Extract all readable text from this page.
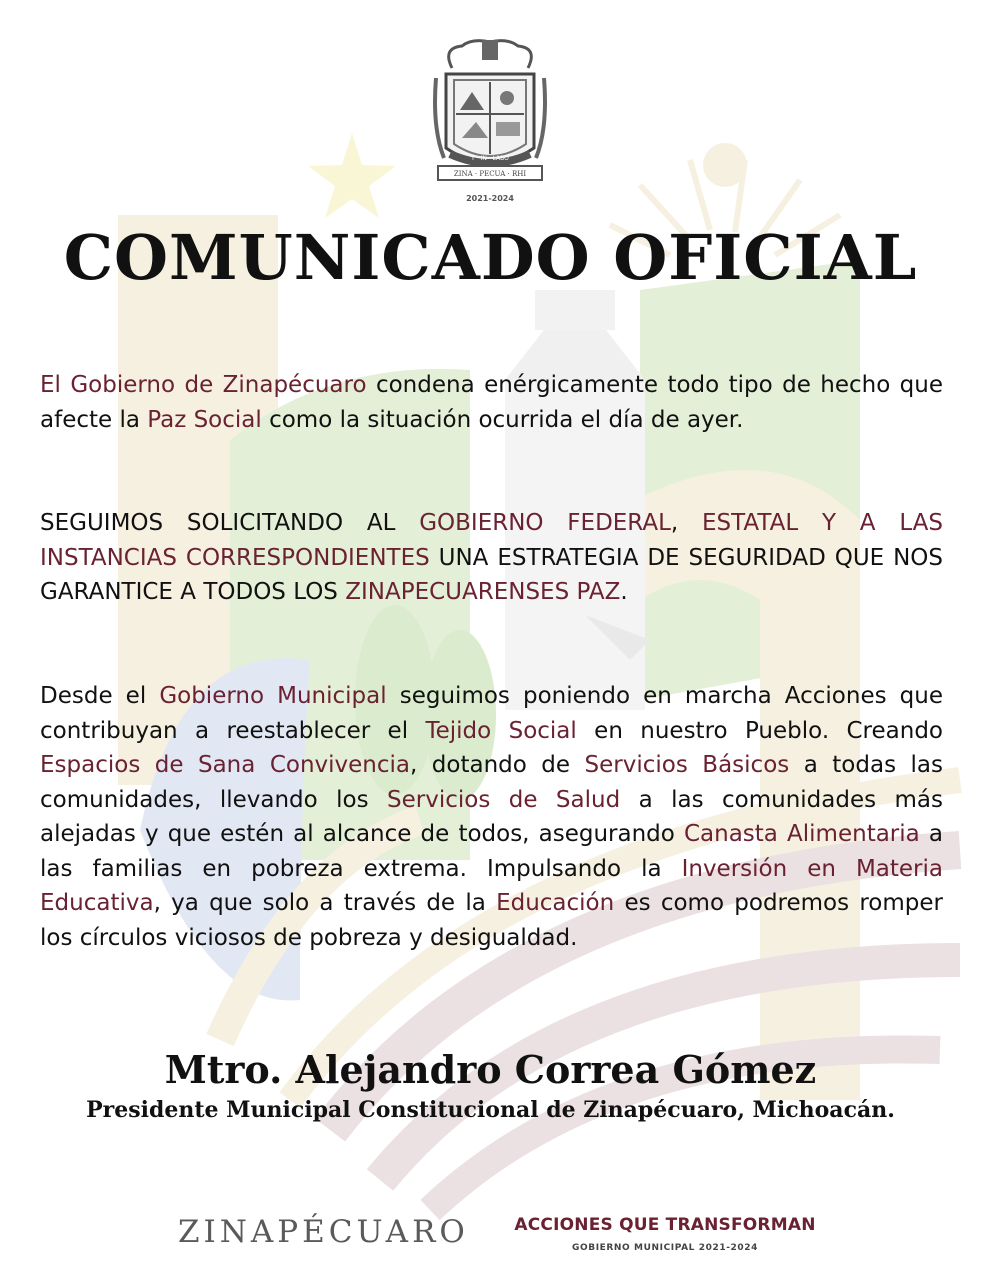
T · IN · LABO
ZINA · PECUA · RHI
2021-2024
COMUNICADO OFICIAL

El Gobierno de Zinapécuaro condena enérgicamente todo tipo de hecho que afecte la Paz Social como la situación ocurrida el día de ayer.

SEGUIMOS SOLICITANDO AL GOBIERNO FEDERAL, ESTATAL Y A LAS INSTANCIAS CORRESPONDIENTES UNA ESTRATEGIA DE SEGURIDAD QUE NOS GARANTICE A TODOS LOS ZINAPECUARENSES PAZ.

Desde el Gobierno Municipal seguimos poniendo en marcha Acciones que contribuyan a reestablecer el Tejido Social en nuestro Pueblo. Creando Espacios de Sana Convivencia, dotando de Servicios Básicos a todas las comunidades, llevando los Servicios de Salud a las comunidades más alejadas y que estén al alcance de todos, asegurando Canasta Alimentaria a las familias en pobreza extrema. Impulsando la Inversión en Materia Educativa, ya que solo a través de la Educación es como podremos romper los círculos viciosos de pobreza y desigualdad.

Mtro. Alejandro Correa Gómez
Presidente Municipal Constitucional de Zinapécuaro, Michoacán.
ZINAPÉCUARO	ACCIONES QUE TRANSFORMAN
GOBIERNO MUNICIPAL 2021-2024
